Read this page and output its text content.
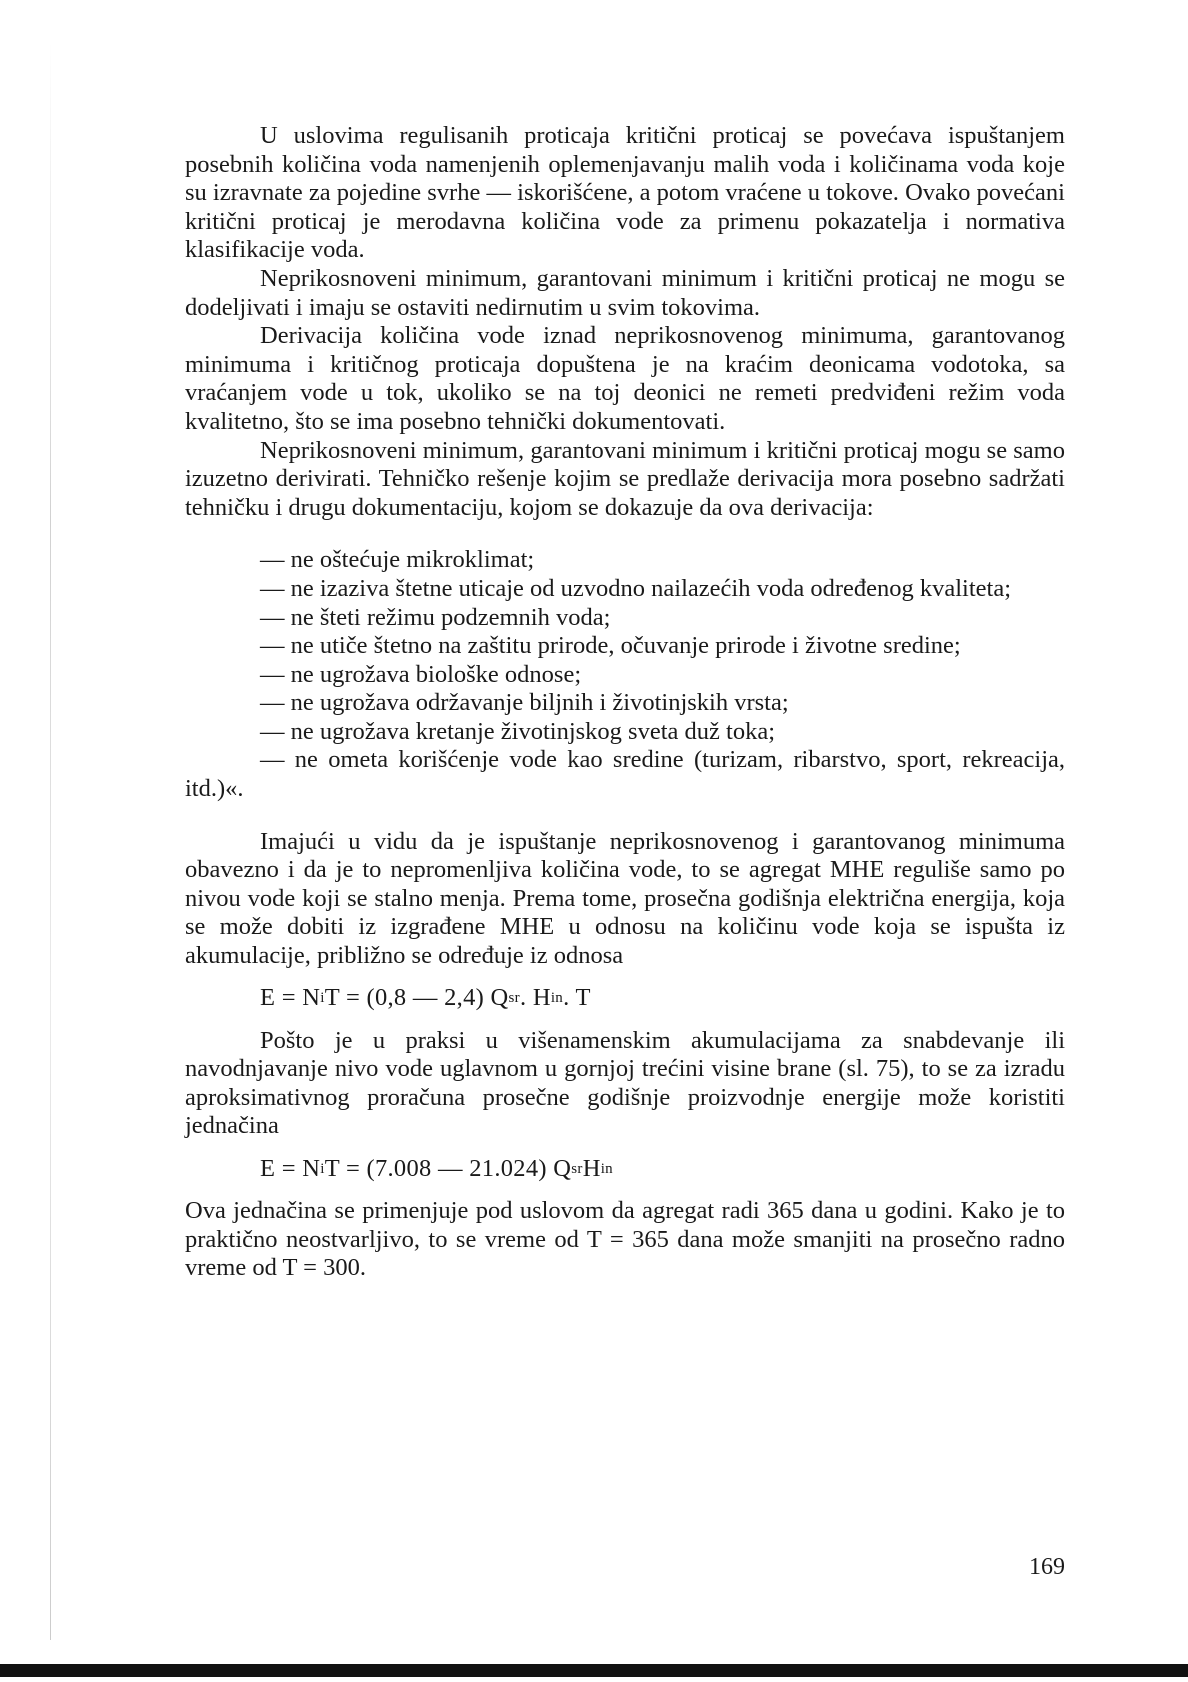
U uslovima regulisanih proticaja kritični proticaj se povećava ispuštanjem posebnih količina voda namenjenih oplemenjavanju malih voda i količinama voda koje su izravnate za pojedine svrhe — iskorišćene, a potom vraćene u tokove. Ovako povećani kritični proticaj je merodavna količina vode za primenu pokazatelja i normativa klasifikacije voda.

Neprikosnoveni minimum, garantovani minimum i kritični proticaj ne mogu se dodeljivati i imaju se ostaviti nedirnutim u svim tokovima.

Derivacija količina vode iznad neprikosnovenog minimuma, garantovanog minimuma i kritičnog proticaja dopuštena je na kraćim deonicama vodotoka, sa vraćanjem vode u tok, ukoliko se na toj deonici ne remeti predviđeni režim voda kvalitetno, što se ima posebno tehnički dokumentovati.

Neprikosnoveni minimum, garantovani minimum i kritični proticaj mogu se samo izuzetno derivirati. Tehničko rešenje kojim se predlaže derivacija mora posebno sadržati tehničku i drugu dokumentaciju, kojom se dokazuje da ova derivacija:

— ne oštećuje mikroklimat;

— ne izaziva štetne uticaje od uzvodno nailazećih voda određenog kvaliteta;

— ne šteti režimu podzemnih voda;

— ne utiče štetno na zaštitu prirode, očuvanje prirode i životne sredine;

— ne ugrožava biološke odnose;

— ne ugrožava održavanje biljnih i životinjskih vrsta;

— ne ugrožava kretanje životinjskog sveta duž toka;

— ne ometa korišćenje vode kao sredine (turizam, ribarstvo, sport, rekreacija, itd.)«.

Imajući u vidu da je ispuštanje neprikosnovenog i garantovanog minimuma obavezno i da je to nepromenljiva količina vode, to se agregat MHE reguliše samo po nivou vode koji se stalno menja. Prema tome, prosečna godišnja električna energija, koja se može dobiti iz izgrađene MHE u odnosu na količinu vode koja se ispušta iz akumulacije, približno se određuje iz odnosa

E = N i T = (0,8 — 2,4) Q sr . H in . T

Pošto je u praksi u višenamenskim akumulacijama za snabdevanje ili navodnjavanje nivo vode uglavnom u gornjoj trećini visine brane (sl. 75), to se za izradu aproksimativnog proračuna prosečne godišnje proizvodnje energije može koristiti jednačina

E = N i T = (7.008 — 21.024) Q sr H in

Ova jednačina se primenjuje pod uslovom da agregat radi 365 dana u godini. Kako je to praktično neostvarljivo, to se vreme od T = 365 dana može smanjiti na prosečno radno vreme od T = 300.

169
